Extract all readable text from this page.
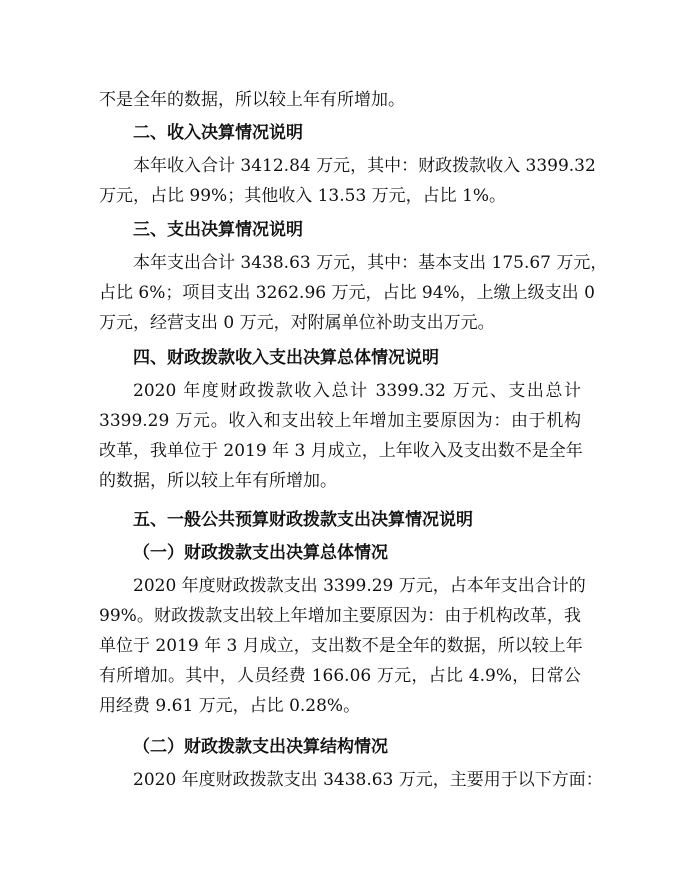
不是全年的数据，所以较上年有所增加。
二、收入决算情况说明
本年收入合计 3412.84 万元，其中：财政拨款收入 3399.32
万元，占比 99%；其他收入 13.53 万元，占比 1%。
三、支出决算情况说明
本年支出合计 3438.63 万元，其中：基本支出 175.67 万元，
占比 6%；项目支出 3262.96 万元，占比 94%，上缴上级支出 0
万元，经营支出 0 万元，对附属单位补助支出万元。
四、财政拨款收入支出决算总体情况说明
2020 年度财政拨款收入总计 3399.32 万元、支出总计
3399.29 万元。收入和支出较上年增加主要原因为：由于机构
改革，我单位于 2019 年 3 月成立，上年收入及支出数不是全年
的数据，所以较上年有所增加。
五、一般公共预算财政拨款支出决算情况说明
（一）财政拨款支出决算总体情况
2020 年度财政拨款支出 3399.29 万元，占本年支出合计的
99%。财政拨款支出较上年增加主要原因为：由于机构改革，我
单位于 2019 年 3 月成立，支出数不是全年的数据，所以较上年
有所增加。其中，人员经费 166.06 万元，占比 4.9%，日常公
用经费 9.61 万元，占比 0.28%。
（二）财政拨款支出决算结构情况
2020 年度财政拨款支出 3438.63 万元，主要用于以下方面：
